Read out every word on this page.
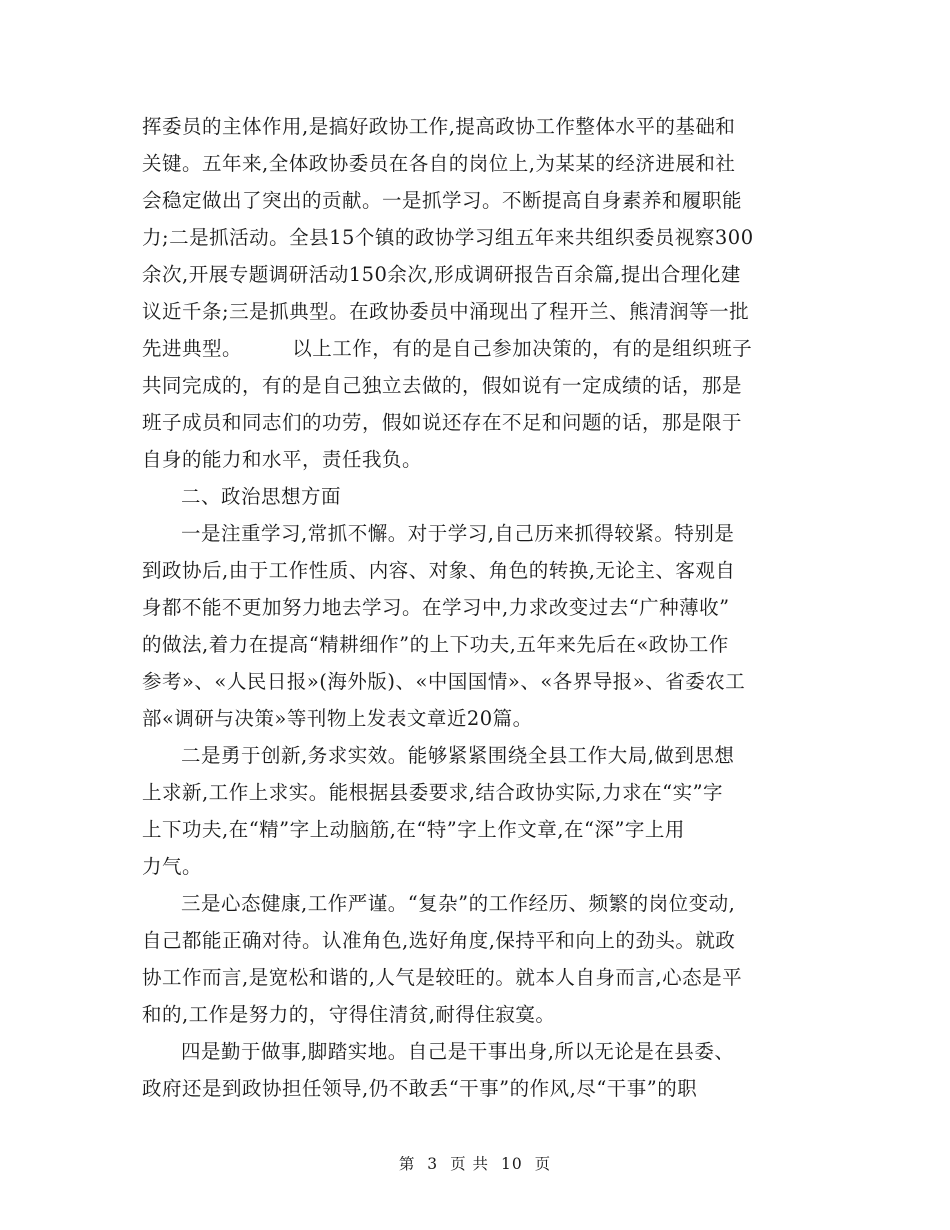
挥委员的主体作用,是搞好政协工作,提高政协工作整体水平的基础和
关键。五年来,全体政协委员在各自的岗位上,为某某的经济进展和社
会稳定做出了突出的贡献。一是抓学习。不断提高自身素养和履职能
力;二是抓活动。全县15个镇的政协学习组五年来共组织委员视察300
余次,开展专题调研活动150余次,形成调研报告百余篇,提出合理化建
议近千条;三是抓典型。在政协委员中涌现出了程开兰、熊清润等一批
先进典型。　　　以上工作，有的是自己参加决策的，有的是组织班子
共同完成的，有的是自己独立去做的，假如说有一定成绩的话，那是
班子成员和同志们的功劳，假如说还存在不足和问题的话，那是限于
自身的能力和水平，责任我负。
二、政治思想方面
一是注重学习,常抓不懈。对于学习,自己历来抓得较紧。特别是
到政协后,由于工作性质、内容、对象、角色的转换,无论主、客观自
身都不能不更加努力地去学习。在学习中,力求改变过去“广种薄收”
的做法,着力在提高“精耕细作”的上下功夫,五年来先后在«政协工作
参考»、«人民日报»(海外版)、«中国国情»、«各界导报»、省委农工
部«调研与决策»等刊物上发表文章近20篇。
二是勇于创新,务求实效。能够紧紧围绕全县工作大局,做到思想
上求新,工作上求实。能根据县委要求,结合政协实际,力求在“实”字
上下功夫,在“精”字上动脑筋,在“特”字上作文章,在“深”字上用
力气。
三是心态健康,工作严谨。“复杂”的工作经历、频繁的岗位变动,
自己都能正确对待。认准角色,选好角度,保持平和向上的劲头。就政
协工作而言,是宽松和谐的,人气是较旺的。就本人自身而言,心态是平
和的,工作是努力的，守得住清贫,耐得住寂寞。
四是勤于做事,脚踏实地。自己是干事出身,所以无论是在县委、
政府还是到政协担任领导,仍不敢丢“干事”的作风,尽“干事”的职
第 3 页 共 10 页
